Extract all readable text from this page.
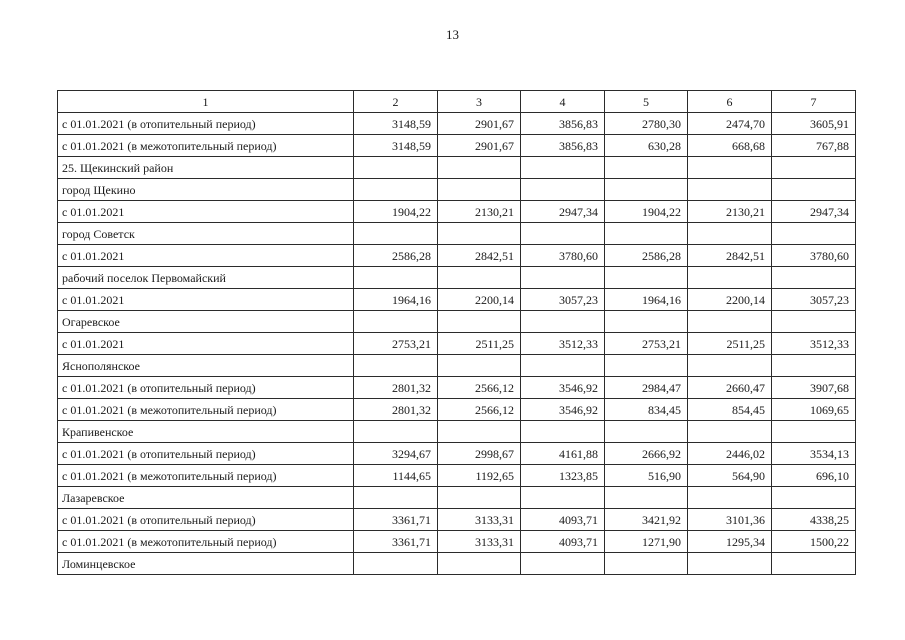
13
1	2	3	4	5	6	7
с 01.01.2021 (в отопительный период)	3148,59	2901,67	3856,83	2780,30	2474,70	3605,91
с 01.01.2021 (в межотопительный период)	3148,59	2901,67	3856,83	630,28	668,68	767,88
25. Щекинский район						
город Щекино						
с 01.01.2021	1904,22	2130,21	2947,34	1904,22	2130,21	2947,34
город Советск						
с 01.01.2021	2586,28	2842,51	3780,60	2586,28	2842,51	3780,60
рабочий поселок Первомайский						
с 01.01.2021	1964,16	2200,14	3057,23	1964,16	2200,14	3057,23
Огаревское						
с 01.01.2021	2753,21	2511,25	3512,33	2753,21	2511,25	3512,33
Яснополянское						
с 01.01.2021 (в отопительный период)	2801,32	2566,12	3546,92	2984,47	2660,47	3907,68
с 01.01.2021 (в межотопительный период)	2801,32	2566,12	3546,92	834,45	854,45	1069,65
Крапивенское						
с 01.01.2021 (в отопительный период)	3294,67	2998,67	4161,88	2666,92	2446,02	3534,13
с 01.01.2021 (в межотопительный период)	1144,65	1192,65	1323,85	516,90	564,90	696,10
Лазаревское						
с 01.01.2021 (в отопительный период)	3361,71	3133,31	4093,71	3421,92	3101,36	4338,25
с 01.01.2021 (в межотопительный период)	3361,71	3133,31	4093,71	1271,90	1295,34	1500,22
Ломинцевское						
